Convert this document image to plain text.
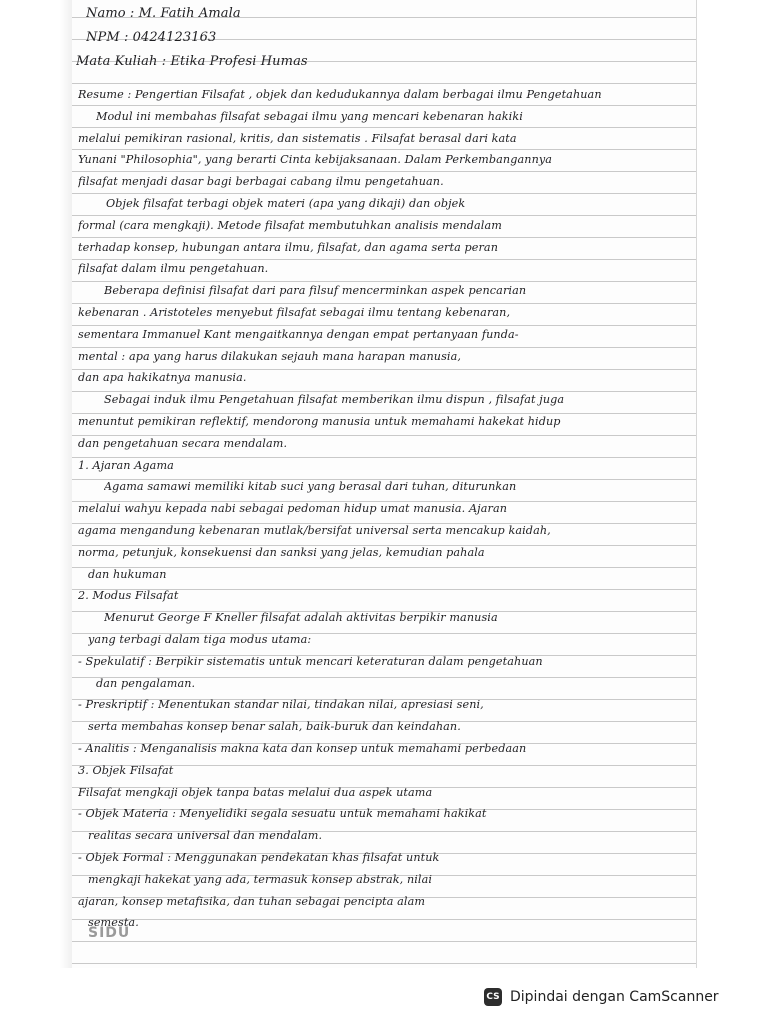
Namo : M. Fatih Amala
NPM : 0424123163
Mata Kuliah : Etika Profesi Humas
Resume : Pengertian Filsafat , objek dan kedudukannya dalam berbagai ilmu Pengetahuan
Modul ini membahas filsafat sebagai ilmu yang mencari kebenaran hakiki
melalui pemikiran rasional, kritis, dan sistematis . Filsafat berasal dari kata
Yunani "Philosophia", yang berarti Cinta kebijaksanaan. Dalam Perkembangannya
filsafat menjadi dasar bagi berbagai cabang ilmu pengetahuan.
Objek filsafat terbagi objek materi (apa yang dikaji) dan objek
formal (cara mengkaji). Metode filsafat membutuhkan analisis mendalam
terhadap konsep, hubungan antara ilmu, filsafat, dan agama serta peran
filsafat dalam ilmu pengetahuan.
Beberapa definisi filsafat dari para filsuf mencerminkan aspek pencarian
kebenaran . Aristoteles menyebut filsafat sebagai ilmu tentang kebenaran,
sementara Immanuel Kant mengaitkannya dengan empat pertanyaan funda-
mental : apa yang harus dilakukan sejauh mana harapan manusia,
dan apa hakikatnya manusia.
Sebagai induk ilmu Pengetahuan filsafat memberikan ilmu dispun , filsafat juga
menuntut pemikiran reflektif, mendorong manusia untuk memahami hakekat hidup
dan pengetahuan secara mendalam.
1. Ajaran Agama
Agama samawi memiliki kitab suci yang berasal dari tuhan, diturunkan
melalui wahyu kepada nabi sebagai pedoman hidup umat manusia. Ajaran
agama mengandung kebenaran mutlak/bersifat universal serta mencakup kaidah,
norma, petunjuk, konsekuensi dan sanksi yang jelas, kemudian pahala
dan hukuman
2. Modus Filsafat
Menurut George F Kneller filsafat adalah aktivitas berpikir manusia
yang terbagi dalam tiga modus utama:
- Spekulatif : Berpikir sistematis untuk mencari keteraturan dalam pengetahuan
dan pengalaman.
- Preskriptif : Menentukan standar nilai, tindakan nilai, apresiasi seni,
serta membahas konsep benar salah, baik-buruk dan keindahan.
- Analitis : Menganalisis makna kata dan konsep untuk memahami perbedaan
3. Objek Filsafat
Filsafat mengkaji objek tanpa batas melalui dua aspek utama
- Objek Materia : Menyelidiki segala sesuatu untuk memahami hakikat
realitas secara universal dan mendalam.
- Objek Formal : Menggunakan pendekatan khas filsafat untuk
mengkaji hakekat yang ada, termasuk konsep abstrak, nilai
ajaran, konsep metafisika, dan tuhan sebagai pencipta alam
semesta.
SIDU
CS Dipindai dengan CamScanner
